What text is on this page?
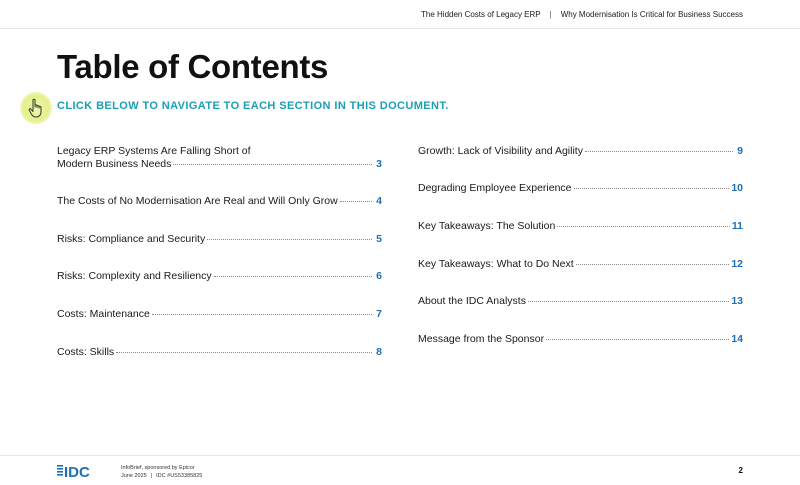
The Hidden Costs of Legacy ERP | Why Modernisation Is Critical for Business Success
Table of Contents
CLICK BELOW TO NAVIGATE TO EACH SECTION IN THIS DOCUMENT.
Legacy ERP Systems Are Falling Short of
Modern Business Needs	3
The Costs of No Modernisation Are Real and Will Only Grow	4
Risks: Compliance and Security	5
Risks: Complexity and Resiliency	6
Costs: Maintenance	7
Costs: Skills	8
Growth: Lack of Visibility and Agility	9
Degrading Employee Experience	10
Key Takeaways: The Solution	11
Key Takeaways: What to Do Next	12
About the IDC Analysts	13
Message from the Sponsor	14
IDC	InfoBrief, sponsored by Epicor
June 2025 | IDC #US53385825
2
